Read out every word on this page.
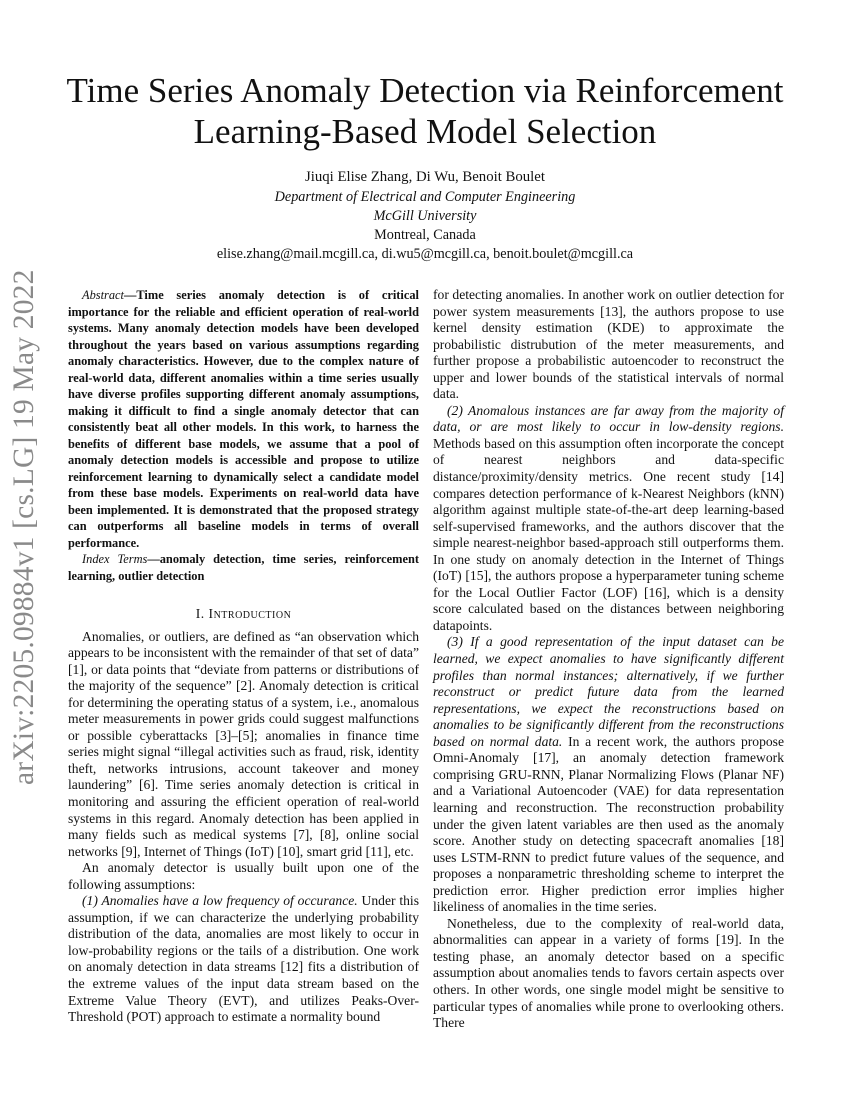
arXiv:2205.09884v1 [cs.LG] 19 May 2022
Time Series Anomaly Detection via Reinforcement
Learning-Based Model Selection
Jiuqi Elise Zhang, Di Wu, Benoit Boulet
Department of Electrical and Computer Engineering
McGill University
Montreal, Canada
elise.zhang@mail.mcgill.ca, di.wu5@mcgill.ca, benoit.boulet@mcgill.ca

Abstract—Time series anomaly detection is of critical importance for the reliable and efficient operation of real-world systems. Many anomaly detection models have been developed throughout the years based on various assumptions regarding anomaly characteristics. However, due to the complex nature of real-world data, different anomalies within a time series usually have diverse profiles supporting different anomaly assumptions, making it difficult to find a single anomaly detector that can consistently beat all other models. In this work, to harness the benefits of different base models, we assume that a pool of anomaly detection models is accessible and propose to utilize reinforcement learning to dynamically select a candidate model from these base models. Experiments on real-world data have been implemented. It is demonstrated that the proposed strategy can outperforms all baseline models in terms of overall performance.

Index Terms—anomaly detection, time series, reinforcement learning, outlier detection

I. Introduction

Anomalies, or outliers, are defined as “an observation which appears to be inconsistent with the remainder of that set of data” [1], or data points that “deviate from patterns or distributions of the majority of the sequence” [2]. Anomaly detection is critical for determining the operating status of a system, i.e., anomalous meter measurements in power grids could suggest malfunctions or possible cyberattacks [3]–[5]; anomalies in finance time series might signal “illegal activities such as fraud, risk, identity theft, networks intrusions, account takeover and money laundering” [6]. Time series anomaly detection is critical in monitoring and assuring the efficient operation of real-world systems in this regard. Anomaly detection has been applied in many fields such as medical systems [7], [8], online social networks [9], Internet of Things (IoT) [10], smart grid [11], etc.

An anomaly detector is usually built upon one of the following assumptions:

(1) Anomalies have a low frequency of occurance. Under this assumption, if we can characterize the underlying probability distribution of the data, anomalies are most likely to occur in low-probability regions or the tails of a distribution. One work on anomaly detection in data streams [12] fits a distribution of the extreme values of the input data stream based on the Extreme Value Theory (EVT), and utilizes Peaks-Over-Threshold (POT) approach to estimate a normality bound

for detecting anomalies. In another work on outlier detection for power system measurements [13], the authors propose to use kernel density estimation (KDE) to approximate the probabilistic distrubution of the meter measurements, and further propose a probabilistic autoencoder to reconstruct the upper and lower bounds of the statistical intervals of normal data.

(2) Anomalous instances are far away from the majority of data, or are most likely to occur in low-density regions. Methods based on this assumption often incorporate the concept of nearest neighbors and data-specific distance/proximity/density metrics. One recent study [14] compares detection performance of k-Nearest Neighbors (kNN) algorithm against multiple state-of-the-art deep learning-based self-supervised frameworks, and the authors discover that the simple nearest-neighbor based-approach still outperforms them. In one study on anomaly detection in the Internet of Things (IoT) [15], the authors propose a hyperparameter tuning scheme for the Local Outlier Factor (LOF) [16], which is a density score calculated based on the distances between neighboring datapoints.

(3) If a good representation of the input dataset can be learned, we expect anomalies to have significantly different profiles than normal instances; alternatively, if we further reconstruct or predict future data from the learned representations, we expect the reconstructions based on anomalies to be significantly different from the reconstructions based on normal data. In a recent work, the authors propose Omni-Anomaly [17], an anomaly detection framework comprising GRU-RNN, Planar Normalizing Flows (Planar NF) and a Variational Autoencoder (VAE) for data representation learning and reconstruction. The reconstruction probability under the given latent variables are then used as the anomaly score. Another study on detecting spacecraft anomalies [18] uses LSTM-RNN to predict future values of the sequence, and proposes a nonparametric thresholding scheme to interpret the prediction error. Higher prediction error implies higher likeliness of anomalies in the time series.

Nonetheless, due to the complexity of real-world data, abnormalities can appear in a variety of forms [19]. In the testing phase, an anomaly detector based on a specific assumption about anomalies tends to favors certain aspects over others. In other words, one single model might be sensitive to particular types of anomalies while prone to overlooking others. There
